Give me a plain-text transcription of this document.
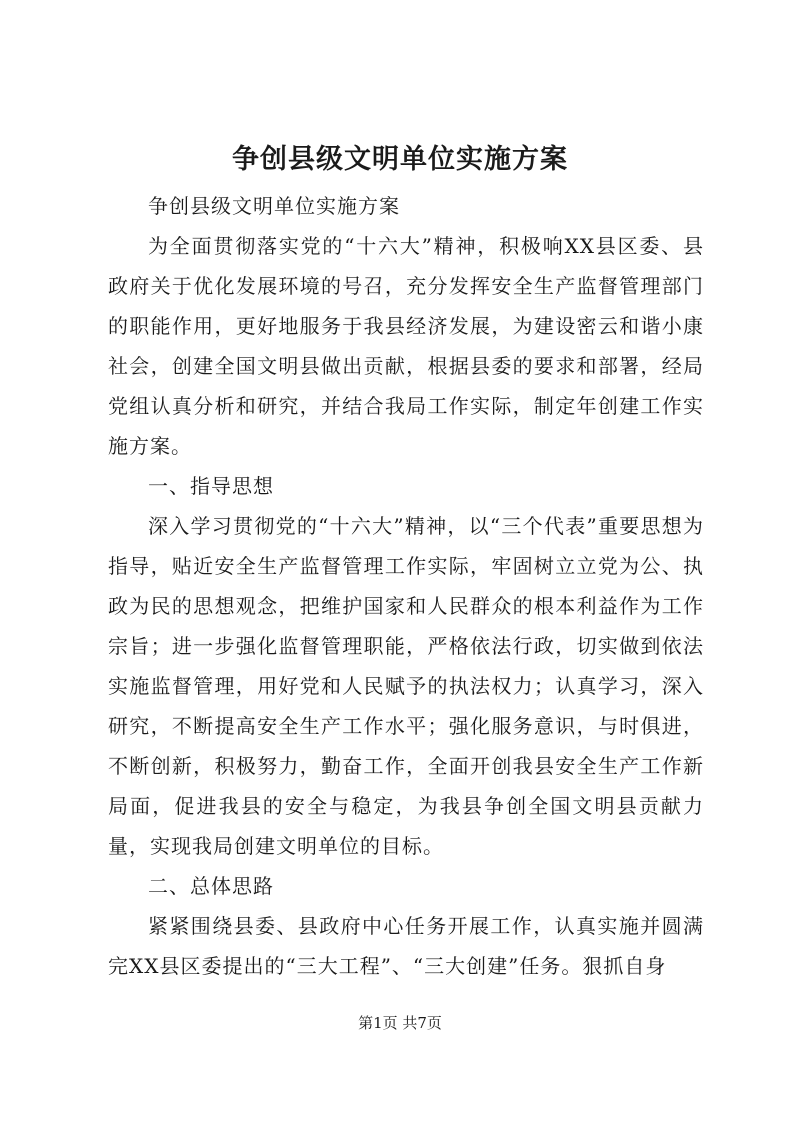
争创县级文明单位实施方案

争创县级文明单位实施方案

为全面贯彻落实党的“十六大”精神，积极响XX县区委、县政府关于优化发展环境的号召，充分发挥安全生产监督管理部门的职能作用，更好地服务于我县经济发展，为建设密云和谐小康社会，创建全国文明县做出贡献，根据县委的要求和部署，经局党组认真分析和研究，并结合我局工作实际，制定年创建工作实施方案。

一、指导思想

深入学习贯彻党的“十六大”精神，以“三个代表”重要思想为指导，贴近安全生产监督管理工作实际，牢固树立立党为公、执政为民的思想观念，把维护国家和人民群众的根本利益作为工作宗旨；进一步强化监督管理职能，严格依法行政，切实做到依法实施监督管理，用好党和人民赋予的执法权力；认真学习，深入研究，不断提高安全生产工作水平；强化服务意识，与时俱进，不断创新，积极努力，勤奋工作，全面开创我县安全生产工作新局面，促进我县的安全与稳定，为我县争创全国文明县贡献力量，实现我局创建文明单位的目标。

二、总体思路

紧紧围绕县委、县政府中心任务开展工作，认真实施并圆满完XX县区委提出的“三大工程”、“三大创建”任务。狠抓自身

第1页 共7页
